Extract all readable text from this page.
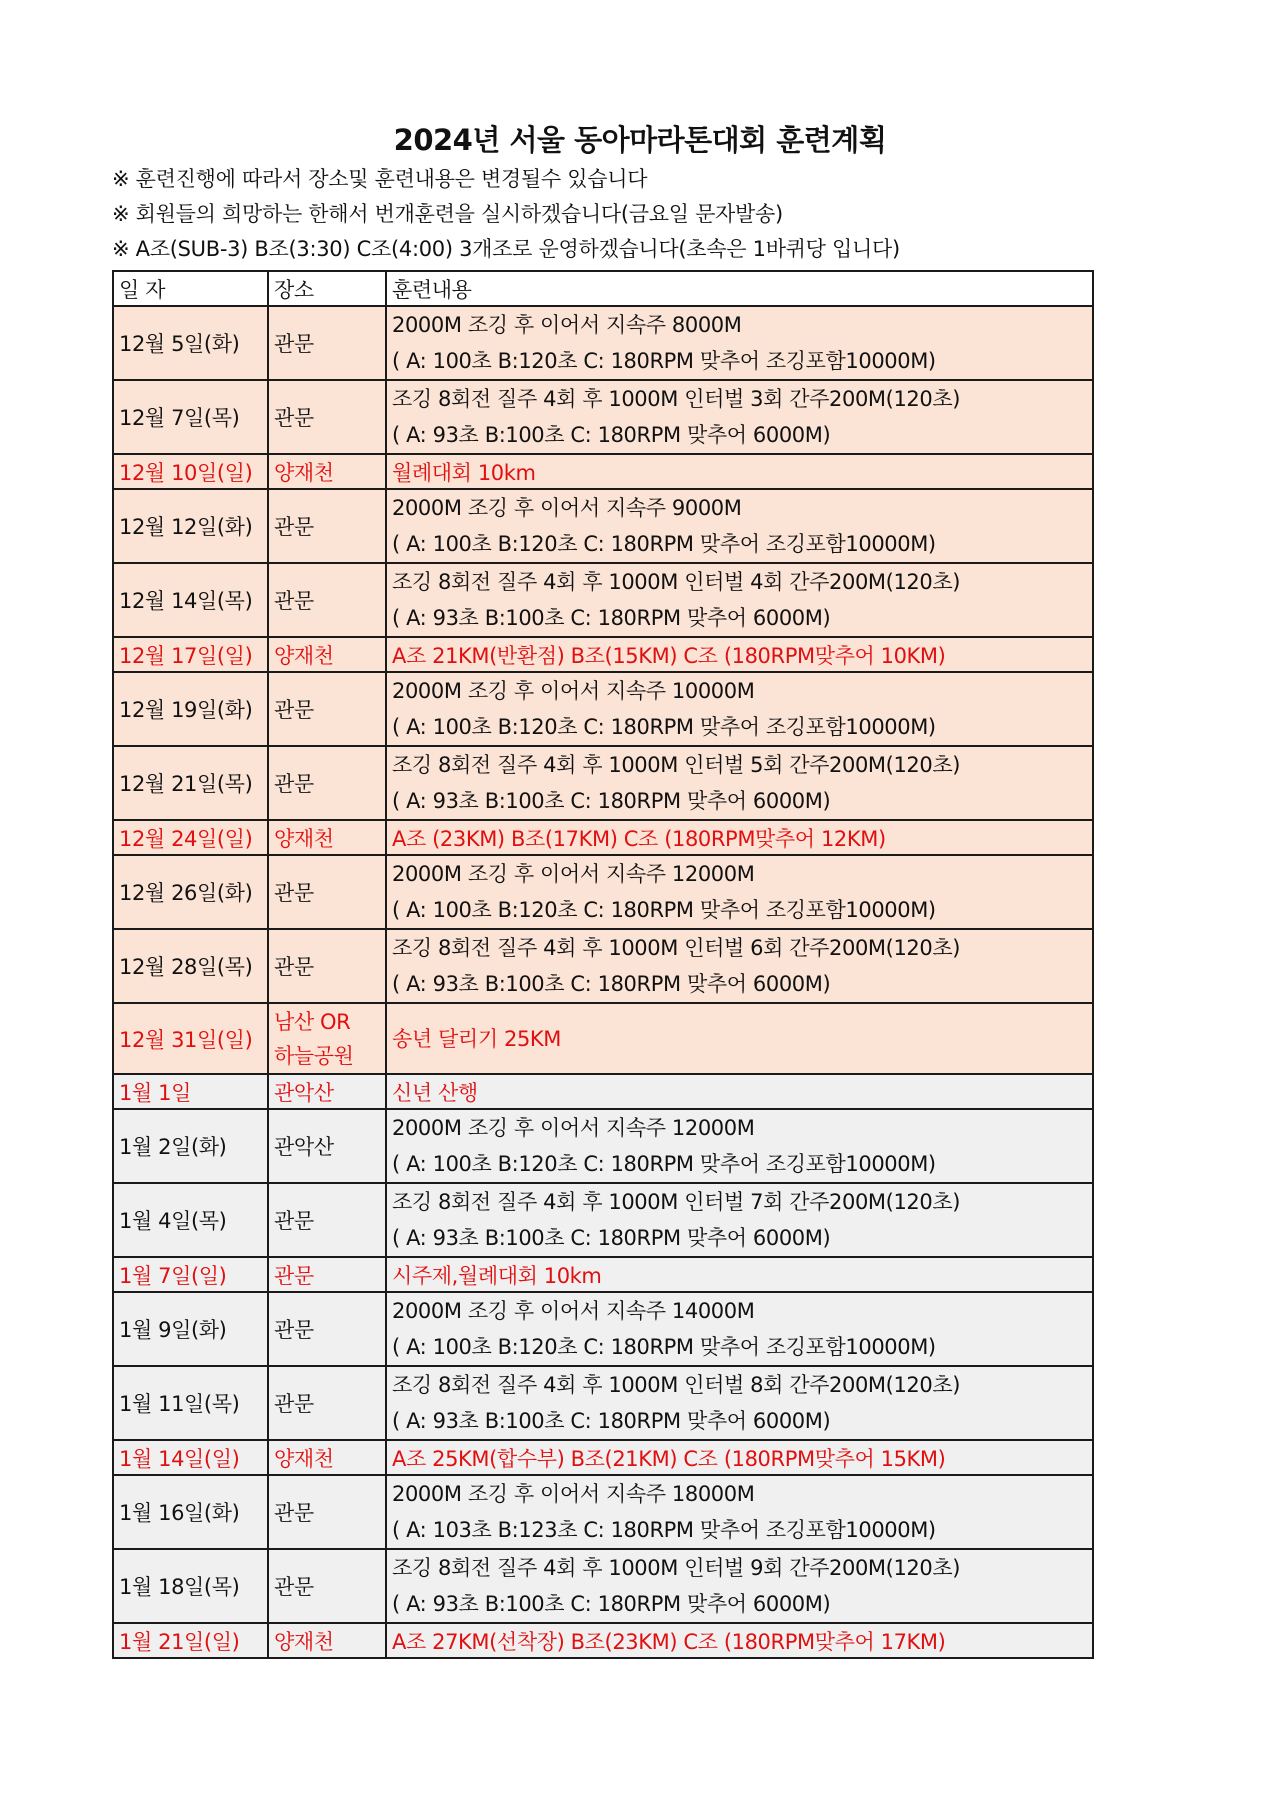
2024년 서울 동아마라톤대회 훈련계획
※ 훈련진행에 따라서 장소및 훈련내용은 변경될수 있습니다
※ 회원들의 희망하는 한해서 번개훈련을 실시하겠습니다(금요일 문자발송)
※ A조(SUB-3) B조(3:30) C조(4:00) 3개조로 운영하겠습니다(초속은 1바퀴당 입니다)
일 자	장소	훈련내용
12월 5일(화)	관문	2000M 조깅 후 이어서 지속주 8000M
( A: 100초 B:120초 C: 180RPM 맞추어 조깅포함10000M)

12월 7일(목)	관문	조깅 8회전 질주 4회 후 1000M 인터벌 3회 간주200M(120초)
( A: 93초 B:100초 C: 180RPM 맞추어 6000M)

12월 10일(일)	양재천	월례대회 10km

12월 12일(화)	관문	2000M 조깅 후 이어서 지속주 9000M
( A: 100초 B:120초 C: 180RPM 맞추어 조깅포함10000M)

12월 14일(목)	관문	조깅 8회전 질주 4회 후 1000M 인터벌 4회 간주200M(120초)
( A: 93초 B:100초 C: 180RPM 맞추어 6000M)

12월 17일(일)	양재천	A조 21KM(반환점) B조(15KM) C조 (180RPM맞추어 10KM)

12월 19일(화)	관문	2000M 조깅 후 이어서 지속주 10000M
( A: 100초 B:120초 C: 180RPM 맞추어 조깅포함10000M)

12월 21일(목)	관문	조깅 8회전 질주 4회 후 1000M 인터벌 5회 간주200M(120초)
( A: 93초 B:100초 C: 180RPM 맞추어 6000M)

12월 24일(일)	양재천	A조 (23KM) B조(17KM) C조 (180RPM맞추어 12KM)

12월 26일(화)	관문	2000M 조깅 후 이어서 지속주 12000M
( A: 100초 B:120초 C: 180RPM 맞추어 조깅포함10000M)

12월 28일(목)	관문	조깅 8회전 질주 4회 후 1000M 인터벌 6회 간주200M(120초)
( A: 93초 B:100초 C: 180RPM 맞추어 6000M)

12월 31일(일)	남산 OR
하늘공원	송년 달리기 25KM

1월 1일	관악산	신년 산행

1월 2일(화)	관악산	2000M 조깅 후 이어서 지속주 12000M
( A: 100초 B:120초 C: 180RPM 맞추어 조깅포함10000M)

1월 4일(목)	관문	조깅 8회전 질주 4회 후 1000M 인터벌 7회 간주200M(120초)
( A: 93초 B:100초 C: 180RPM 맞추어 6000M)

1월 7일(일)	관문	시주제,월례대회 10km

1월 9일(화)	관문	2000M 조깅 후 이어서 지속주 14000M
( A: 100초 B:120초 C: 180RPM 맞추어 조깅포함10000M)

1월 11일(목)	관문	조깅 8회전 질주 4회 후 1000M 인터벌 8회 간주200M(120초)
( A: 93초 B:100초 C: 180RPM 맞추어 6000M)

1월 14일(일)	양재천	A조 25KM(합수부) B조(21KM) C조 (180RPM맞추어 15KM)

1월 16일(화)	관문	2000M 조깅 후 이어서 지속주 18000M
( A: 103초 B:123초 C: 180RPM 맞추어 조깅포함10000M)

1월 18일(목)	관문	조깅 8회전 질주 4회 후 1000M 인터벌 9회 간주200M(120초)
( A: 93초 B:100초 C: 180RPM 맞추어 6000M)

1월 21일(일)	양재천	A조 27KM(선착장) B조(23KM) C조 (180RPM맞추어 17KM)
